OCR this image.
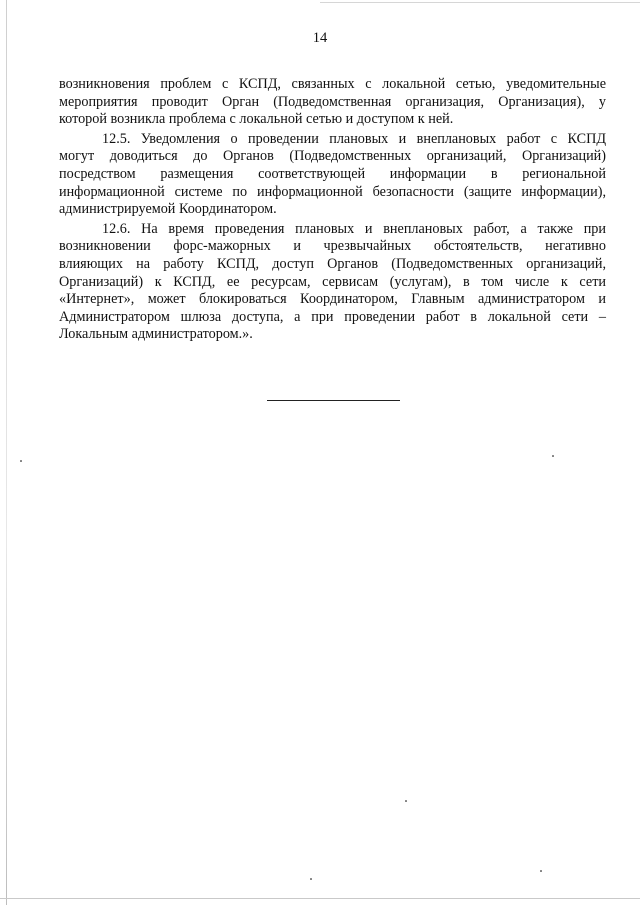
14

возникновения проблем с КСПД, связанных с локальной сетью, уведомительные
мероприятия проводит Орган (Подведомственная организация, Организация), у
которой возникла проблема с локальной сетью и доступом к ней.

12.5. Уведомления о проведении плановых и внеплановых работ с КСПД
могут доводиться до Органов (Подведомственных организаций, Организаций)
посредством размещения соответствующей информации в региональной
информационной системе по информационной безопасности (защите информации),
администрируемой Координатором.

12.6. На время проведения плановых и внеплановых работ, а также при
возникновении форс-мажорных и чрезвычайных обстоятельств, негативно
влияющих на работу КСПД, доступ Органов (Подведомственных организаций,
Организаций) к КСПД, ее ресурсам, сервисам (услугам), в том числе к сети
«Интернет», может блокироваться Координатором, Главным администратором и
Администратором шлюза доступа, а при проведении работ в локальной сети –
Локальным администратором.».
